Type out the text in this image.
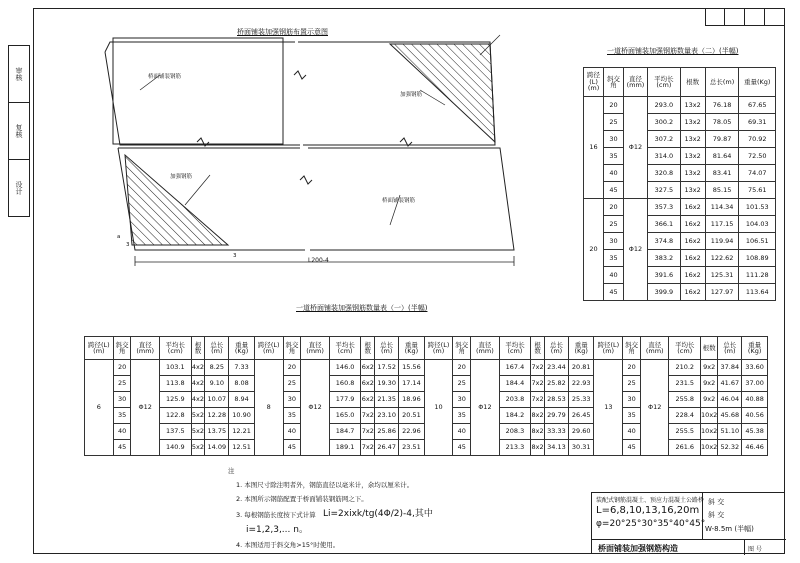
审核
复核
设计
桥面铺装加强钢筋布置示意图
桥面铺装钢筋
加强钢筋
加强钢筋
桥面铺装钢筋
L200-4
a
3
3
一道桥面铺装加强钢筋数量表（二）(半幅)
跨径(L)(m)	斜交角	直径(mm)	平均长(cm)	根数	总长(m)	重量(Kg)
16	20	Φ12	293.0	13x2	76.18	67.65
	25		300.2	13x2	78.05	69.31
	30		307.2	13x2	79.87	70.92
	35		314.0	13x2	81.64	72.50
	40		320.8	13x2	83.41	74.07
	45		327.5	13x2	85.15	75.61
20	20	Φ12	357.3	16x2	114.34	101.53
	25		366.1	16x2	117.15	104.03
	30		374.8	16x2	119.94	106.51
	35		383.2	16x2	122.62	108.89
	40		391.6	16x2	125.31	111.28
	45		399.9	16x2	127.97	113.64
一道桥面铺装加强钢筋数量表（一）(半幅)
跨径(L)(m)	斜交角	直径(mm)	平均长(cm)	根数	总长(m)	重量(Kg)	跨径(L)(m)	斜交角	直径(mm)	平均长(cm)	根数	总长(m)	重量(Kg)	跨径(L)(m)	斜交角	直径(mm)	平均长(cm)	根数	总长(m)	重量(Kg)	跨径(L)(m)	斜交角	直径(mm)	平均长(cm)	根数	总长(m)	重量(Kg)
6	20	Φ12	103.1	4x2	8.25	7.33	8	20	Φ12	146.0	6x2	17.52	15.56	10	20	Φ12	167.4	7x2	23.44	20.81	13	20	Φ12	210.2	9x2	37.84	33.60
	25		113.8	4x2	9.10	8.08		25		160.8	6x2	19.30	17.14		25		184.4	7x2	25.82	22.93		25		231.5	9x2	41.67	37.00
	30		125.9	4x2	10.07	8.94		30		177.9	6x2	21.35	18.96		30		203.8	7x2	28.53	25.33		30		255.8	9x2	46.04	40.88
	35		122.8	5x2	12.28	10.90		35		165.0	7x2	23.10	20.51		35		184.2	8x2	29.79	26.45		35		228.4	10x2	45.68	40.56
	40		137.5	5x2	13.75	12.21		40		184.7	7x2	25.86	22.96		40		208.3	8x2	33.33	29.60		40		255.5	10x2	51.10	45.38
	45		140.9	5x2	14.09	12.51		45		189.1	7x2	26.47	23.51		45		213.3	8x2	34.13	30.31		45		261.6	10x2	52.32	46.46
注
1. 本图尺寸除注明者外，钢筋直径以毫米计，余均以厘米计。
2. 本图所示钢筋配置于桥面铺装钢筋网之下。
3. 每根钢筋长度按下式计算 Li=2xixk/tg(4Φ/2)-4,其中
i=1,2,3,... n。
4. 本图适用于斜交角>15°时使用。
装配式钢筋混凝土、预应力混凝土公路桥
L=6,8,10,13,16,20m
φ=20°25°30°35°40°45°
斜 交
斜 交
W-8.5m (半幅)
桥面铺装加强钢筋构造	图 号
